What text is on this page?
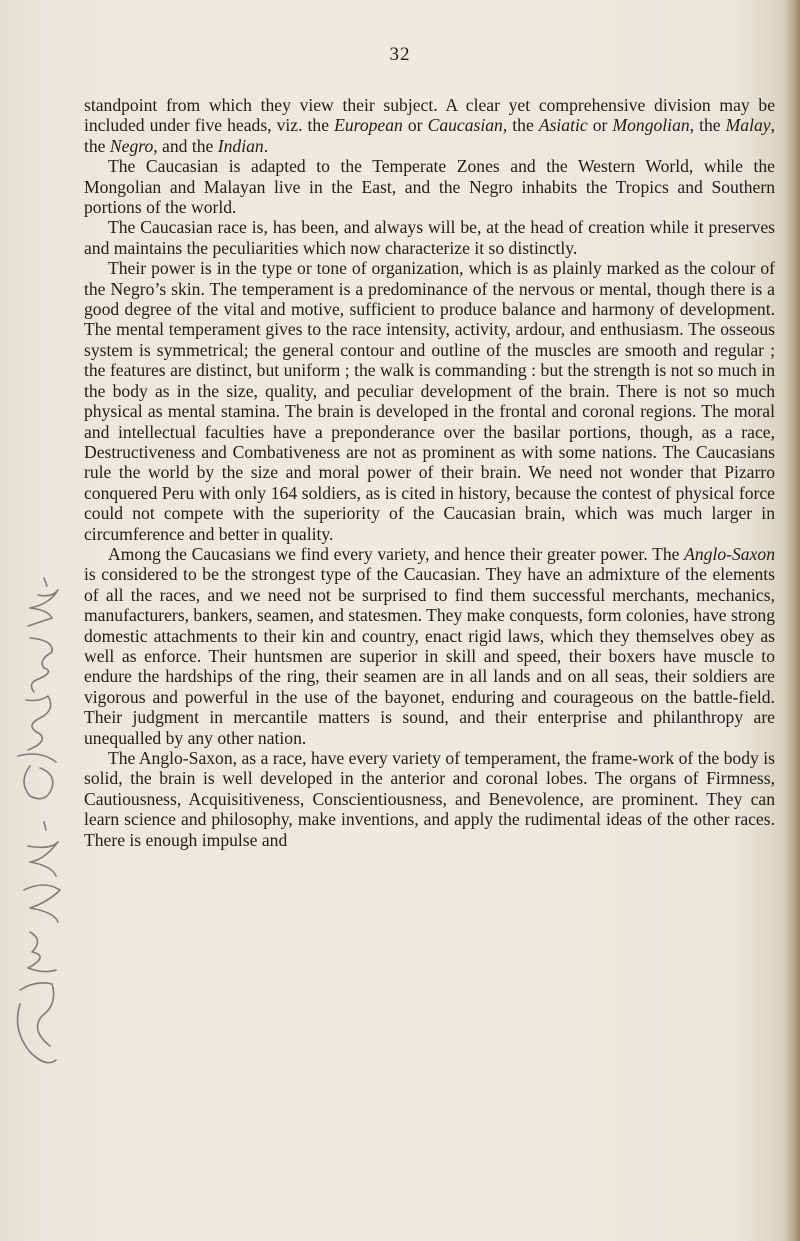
32

standpoint from which they view their subject. A clear yet comprehensive division may be included under five heads, viz. the European or Caucasian, the Asiatic or Mongolian, the Malay, the Negro, and the Indian.

The Caucasian is adapted to the Temperate Zones and the Western World, while the Mongolian and Malayan live in the East, and the Negro inhabits the Tropics and Southern portions of the world.

The Caucasian race is, has been, and always will be, at the head of creation while it preserves and maintains the peculiarities which now characterize it so distinctly.

Their power is in the type or tone of organization, which is as plainly marked as the colour of the Negro’s skin. The temperament is a predominance of the nervous or mental, though there is a good degree of the vital and motive, sufficient to produce balance and harmony of development. The mental temperament gives to the race intensity, activity, ardour, and enthusiasm. The osseous system is symmetrical; the general contour and outline of the muscles are smooth and regular ; the features are distinct, but uniform ; the walk is commanding : but the strength is not so much in the body as in the size, quality, and peculiar development of the brain. There is not so much physical as mental stamina. The brain is developed in the frontal and coronal regions. The moral and intellectual faculties have a preponderance over the basilar portions, though, as a race, Destructiveness and Combativeness are not as prominent as with some nations. The Caucasians rule the world by the size and moral power of their brain. We need not wonder that Pizarro conquered Peru with only 164 soldiers, as is cited in history, because the contest of physical force could not compete with the superiority of the Caucasian brain, which was much larger in circumference and better in quality.

Among the Caucasians we find every variety, and hence their greater power. The Anglo-Saxon is considered to be the strongest type of the Caucasian. They have an admixture of the elements of all the races, and we need not be surprised to find them successful merchants, mechanics, manufacturers, bankers, seamen, and statesmen. They make conquests, form colonies, have strong domestic attachments to their kin and country, enact rigid laws, which they themselves obey as well as enforce. Their huntsmen are superior in skill and speed, their boxers have muscle to endure the hardships of the ring, their seamen are in all lands and on all seas, their soldiers are vigorous and powerful in the use of the bayonet, enduring and courageous on the battle-field. Their judgment in mercantile matters is sound, and their enterprise and philanthropy are unequalled by any other nation.

The Anglo-Saxon, as a race, have every variety of temperament, the frame-work of the body is solid, the brain is well developed in the anterior and coronal lobes. The organs of Firmness, Cautiousness, Acquisitiveness, Conscientiousness, and Benevolence, are prominent. They can learn science and philosophy, make inventions, and apply the rudimental ideas of the other races. There is enough impulse and
